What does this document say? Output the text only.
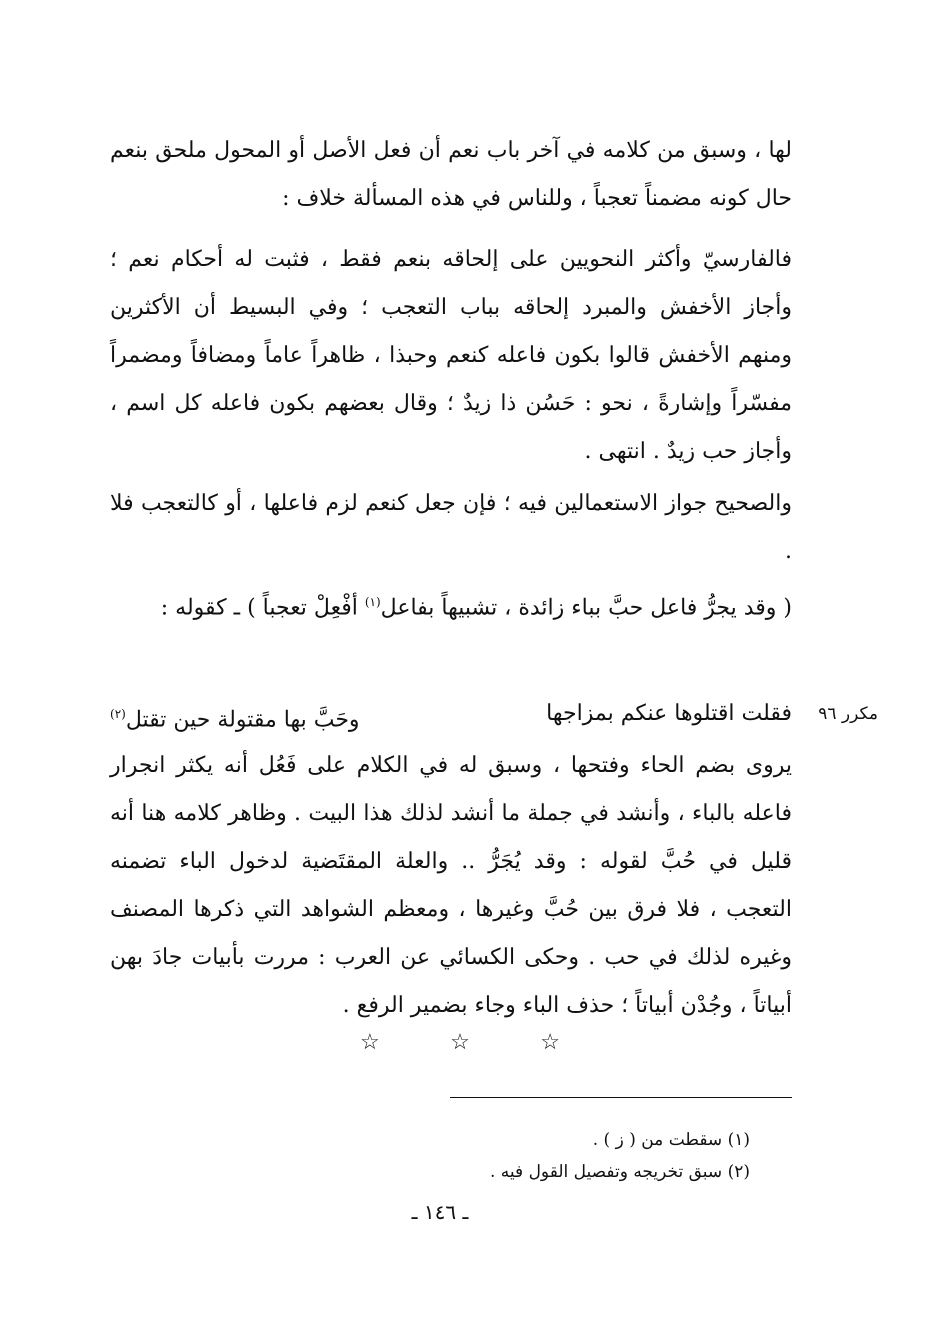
لها ، وسبق من كلامه في آخر باب نعم أن فعل الأصل أو المحول ملحق بنعم حال كونه مضمناً تعجباً ، وللناس في هذه المسألة خلاف :

فالفارسيّ وأكثر النحويين على إلحاقه بنعم فقط ، فثبت له أحكام نعم ؛ وأجاز الأخفش والمبرد إلحاقه بباب التعجب ؛ وفي البسيط أن الأكثرين ومنهم الأخفش قالوا بكون فاعله كنعم وحبذا ، ظاهراً عاماً ومضافاً ومضمراً مفسّراً وإشارةً ، نحو : حَسُن ذا زيدٌ ؛ وقال بعضهم بكون فاعله كل اسم ، وأجاز حب زيدٌ . انتهى .

والصحيح جواز الاستعمالين فيه ؛ فإن جعل كنعم لزم فاعلها ، أو كالتعجب فلا .

( وقد يجرُّ فاعل حبَّ بباء زائدة ، تشبيهاً بفاعل$^{(١)}$ أفْعِلْ تعجباً ) ـ كقوله :

مكرر ٩٦
فقلت اقتلوها عنكم بمزاجها
وحَبَّ بها مقتولة حين تقتل$^{(٢)}$

يروى بضم الحاء وفتحها ، وسبق له في الكلام على فَعُل أنه يكثر انجرار فاعله بالباء ، وأنشد في جملة ما أنشد لذلك هذا البيت . وظاهر كلامه هنا أنه قليل في حُبَّ لقوله : وقد يُجَرُّ .. والعلة المقتَضية لدخول الباء تضمنه التعجب ، فلا فرق بين حُبَّ وغيرها ، ومعظم الشواهد التي ذكرها المصنف وغيره لذلك في حب . وحكى الكسائي عن العرب : مررت بأبيات جادَ بهن أبياتاً ، وجُدْن أبياتاً ؛ حذف الباء وجاء بضمير الرفع .

☆	☆	☆

(١) سقطت من ( ز ) .

(٢) سبق تخريجه وتفصيل القول فيه .

ـ ١٤٦ ـ
